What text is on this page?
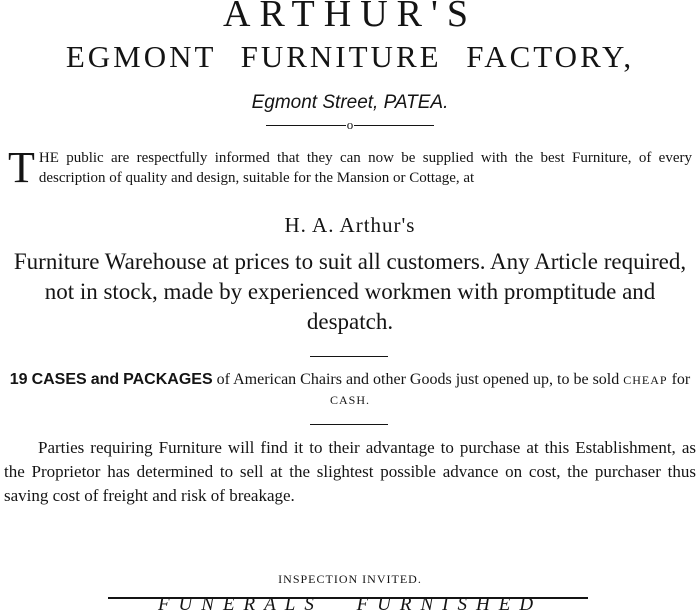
ARTHUR'S
EGMONT FURNITURE FACTORY,
Egmont Street, PATEA.
o
THE public are respectfully informed that they can now be supplied with the best Furniture, of every description of quality and design, suitable for the Mansion or Cottage, at
H. A. Arthur's
Furniture Warehouse at prices to suit all customers. Any Article required, not in stock, made by experienced workmen with promptitude and despatch.
19 CASES and PACKAGES of American Chairs and other Goods just opened up, to be sold CHEAP for CASH.
Parties requiring Furniture will find it to their advantage to purchase at this Establishment, as the Proprietor has determined to sell at the slightest possible advance on cost, the purchaser thus saving cost of freight and risk of breakage.
INSPECTION INVITED.
FUNERALS FURNISHED
